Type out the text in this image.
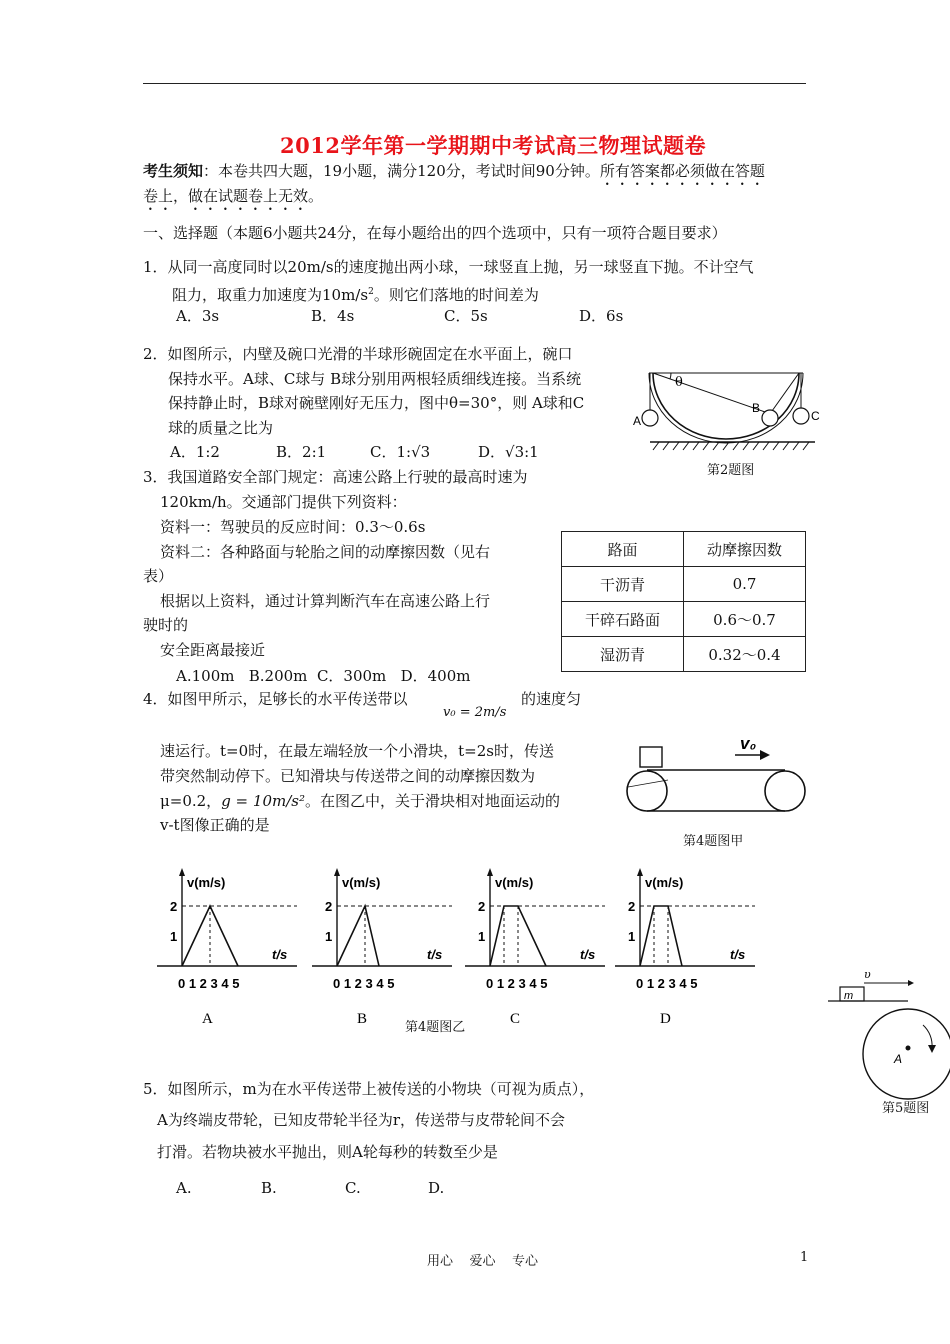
2012学年第一学期期中考试高三物理试题卷
考生须知：本卷共四大题，19小题，满分120分，考试时间90分钟。所有答案都必须做在答题
卷上，做在试题卷上无效。
一、选择题（本题6小题共24分，在每小题给出的四个选项中，只有一项符合题目要求）
1．从同一高度同时以20m/s的速度抛出两小球，一球竖直上抛，另一球竖直下抛。不计空气
阻力，取重力加速度为$10m/s^2$。则它们落地的时间差为
A．3s	B．4s	C．5s	D．6s
2．如图所示，内壁及碗口光滑的半球形碗固定在水平面上，碗口
保持水平。A球、C球与 B球分别用两根轻质细线连接。当系统
保持静止时，B球对碗壁刚好无压力，图中θ=30°，则 A球和C
球的质量之比为
A．1:2	B．2:1	C．1:√3	D．√3:1
θ
A
B
C
第2题图
3．我国道路安全部门规定：高速公路上行驶的最高时速为
120km/h。交通部门提供下列资料：
资料一：驾驶员的反应时间：0.3～0.6s
资料二：各种路面与轮胎之间的动摩擦因数（见右
表）
根据以上资料，通过计算判断汽车在高速公路上行
驶时的
安全距离最接近
A.100m   B.200m  C．300m   D．400m
路面	动摩擦因数
干沥青	0.7
干碎石路面	0.6～0.7
湿沥青	0.32～0.4
4．如图甲所示，足够长的水平传送带以
v₀ = 2m/s
的速度匀
速运行。t=0时，在最左端轻放一个小滑块，t=2s时，传送
带突然制动停下。已知滑块与传送带之间的动摩擦因数为
μ=0.2，g = 10m/s²。在图乙中，关于滑块相对地面运动的
v-t图像正确的是
v₀
第4题图甲
v(m/s)
t/s
2
1
0 1 2 3 4 5
A
v(m/s)
t/s
2
1
0 1 2 3 4 5
B
v(m/s)
t/s
2
1
0 1 2 3 4 5
C
v(m/s)
t/s
2
1
0 1 2 3 4 5
D
第4题图乙
m
υ
A
第5题图
5．如图所示，m为在水平传送带上被传送的小物块（可视为质点），
A为终端皮带轮，已知皮带轮半径为r，传送带与皮带轮间不会
打滑。若物块被水平抛出，则A轮每秒的转数至少是
A.	B.	C.	D.
用心    爱心    专心	1
